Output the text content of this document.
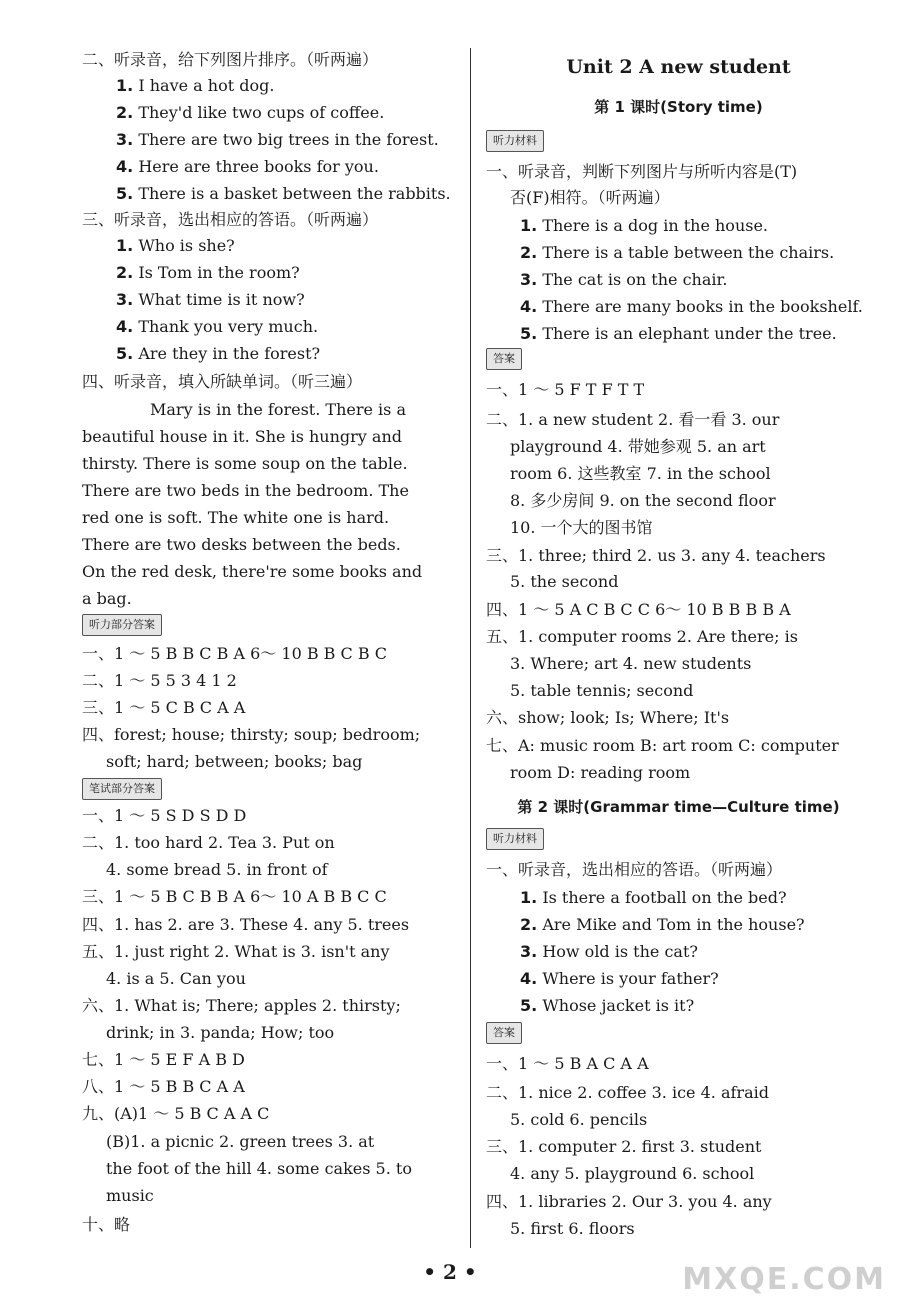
二、听录音，给下列图片排序。（听两遍）
1. I have a hot dog.
2. They'd like two cups of coffee.
3. There are two big trees in the forest.
4. Here are three books for you.
5. There is a basket between the rabbits.
三、听录音，选出相应的答语。（听两遍）
1. Who is she?
2. Is Tom in the room?
3. What time is it now?
4. Thank you very much.
5. Are they in the forest?
四、听录音，填入所缺单词。（听三遍）
Mary is in the forest. There is a
beautiful house in it. She is hungry and
thirsty. There is some soup on the table.
There are two beds in the bedroom. The
red one is soft. The white one is hard.
There are two desks between the beds.
On the red desk, there're some books and
a bag.
听力部分答案
一、1 ～ 5 B B C B A 6～ 10 B B C B C
二、1 ～ 5 5 3 4 1 2
三、1 ～ 5 C B C A A
四、forest; house; thirsty; soup; bedroom;
soft; hard; between; books; bag
笔试部分答案
一、1 ～ 5 S D S D D
二、1. too hard 2. Tea 3. Put on
4. some bread 5. in front of
三、1 ～ 5 B C B B A 6～ 10 A B B C C
四、1. has 2. are 3. These 4. any 5. trees
五、1. just right 2. What is 3. isn't any
4. is a 5. Can you
六、1. What is; There; apples 2. thirsty;
drink; in 3. panda; How; too
七、1 ～ 5 E F A B D
八、1 ～ 5 B B C A A
九、(A)1 ～ 5 B C A A C
(B)1. a picnic 2. green trees 3. at
the foot of the hill 4. some cakes 5. to
music
十、略
Unit 2 A new student
第 1 课时(Story time)
听力材料
一、听录音，判断下列图片与所听内容是(T)
否(F)相符。（听两遍）
1. There is a dog in the house.
2. There is a table between the chairs.
3. The cat is on the chair.
4. There are many books in the bookshelf.
5. There is an elephant under the tree.
答案
一、1 ～ 5 F T F T T
二、1. a new student 2. 看一看 3. our
playground 4. 带她参观 5. an art
room 6. 这些教室 7. in the school
8. 多少房间 9. on the second floor
10. 一个大的图书馆
三、1. three; third 2. us 3. any 4. teachers
5. the second
四、1 ～ 5 A C B C C 6～ 10 B B B B A
五、1. computer rooms 2. Are there; is
3. Where; art 4. new students
5. table tennis; second
六、show; look; Is; Where; It's
七、A: music room B: art room C: computer
room D: reading room
第 2 课时(Grammar time—Culture time)
听力材料
一、听录音，选出相应的答语。（听两遍）
1. Is there a football on the bed?
2. Are Mike and Tom in the house?
3. How old is the cat?
4. Where is your father?
5. Whose jacket is it?
答案
一、1 ～ 5 B A C A A
二、1. nice 2. coffee 3. ice 4. afraid
5. cold 6. pencils
三、1. computer 2. first 3. student
4. any 5. playground 6. school
四、1. libraries 2. Our 3. you 4. any
5. first 6. floors
• 2 •	MXQE.COM
